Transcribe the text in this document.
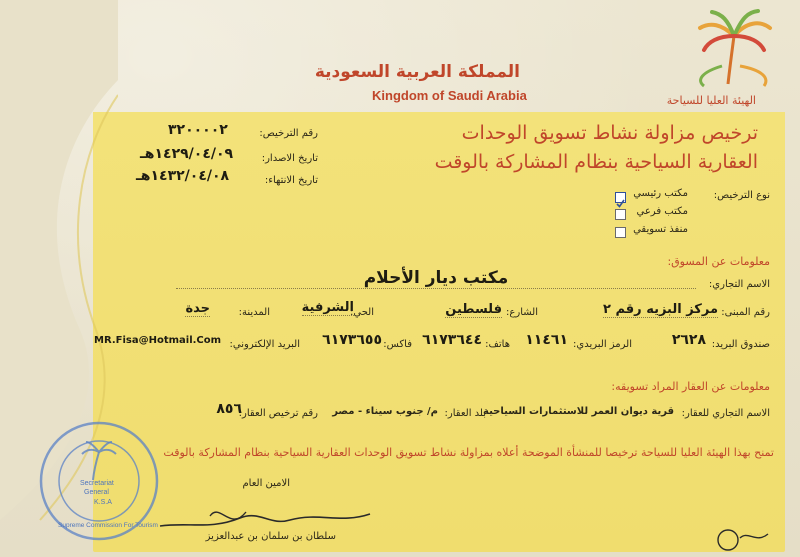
المملكة العربية السعودية
Kingdom of Saudi Arabia	الهيئة العليا للسياحة
رقم الترخيص:
٣٢٠٠٠٠٢
تاريخ الاصدار:
١٤٢٩/٠٤/٠٩هـ
تاريخ الانتهاء:
١٤٣٢/٠٤/٠٨هـ
ترخيص مزاولة نشاط تسويق الوحدات
العقارية السياحية بنظام المشاركة بالوقت
نوع الترخيص:
مكتب رئيسي
مكتب فرعي
منفذ تسويقي
معلومات عن المسوق:
الاسم التجاري:
مكتب ديار الأحلام
رقم المبنى:
مركز البزيه رقم ٢
الشارع:
فلسطين
الحي:
الشرفية
المدينة:
جدة
صندوق البريد:
٢٦٢٨
الرمز البريدي:
١١٤٦١
هاتف:
٦١٧٣٦٤٤
فاكس:
٦١٧٣٦٥٥
البريد الإلكتروني:
MR.Fisa@Hotmail.Com
معلومات عن العقار المراد تسويقه:
الاسم التجاري للعقار:
قرية ديوان العمر للاستثمارات السياحية
بلد العقار:
م/ جنوب سيناء - مصر
رقم ترخيص العقار:
٨٥٦
تمنح بهذا الهيئة العليا للسياحة ترخيصا للمنشأة الموضحة أعلاه بمزاولة نشاط تسويق الوحدات العقارية السياحية بنظام المشاركة بالوقت
الامين العام
سلطان بن سلمان بن عبدالعزيز
Secretariat
General
K.S.A
Supreme Commission For Tourism
